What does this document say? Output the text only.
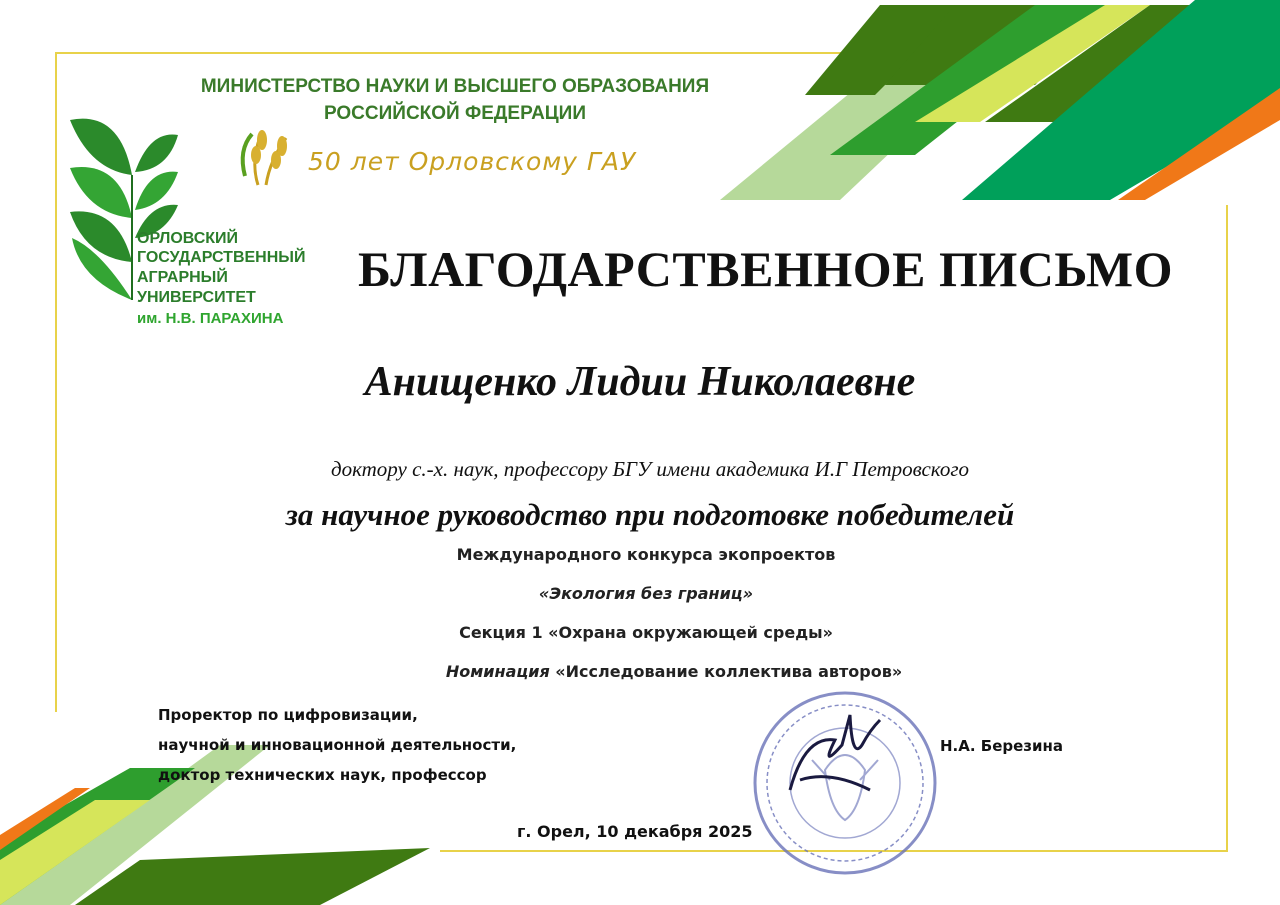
МИНИСТЕРСТВО НАУКИ И ВЫСШЕГО ОБРАЗОВАНИЯ
РОССИЙСКОЙ ФЕДЕРАЦИИ
50 лет Орловскому ГАУ
ОРЛОВСКИЙ
ГОСУДАРСТВЕННЫЙ
АГРАРНЫЙ
УНИВЕРСИТЕТ
им. Н.В. ПАРАХИНА
БЛАГОДАРСТВЕННОЕ ПИСЬМО
Анищенко Лидии Николаевне
доктору с.-х. наук, профессору БГУ имени академика И.Г Петровского
за научное руководство при подготовке победителей
Международного конкурса экопроектов
«Экология без границ»
Секция 1 «Охрана окружающей среды»
Номинация «Исследование коллектива авторов»
Проректор по цифровизации,
научной и инновационной деятельности,
доктор технических наук, профессор
Н.А. Березина
г. Орел, 10 декабря 2025
